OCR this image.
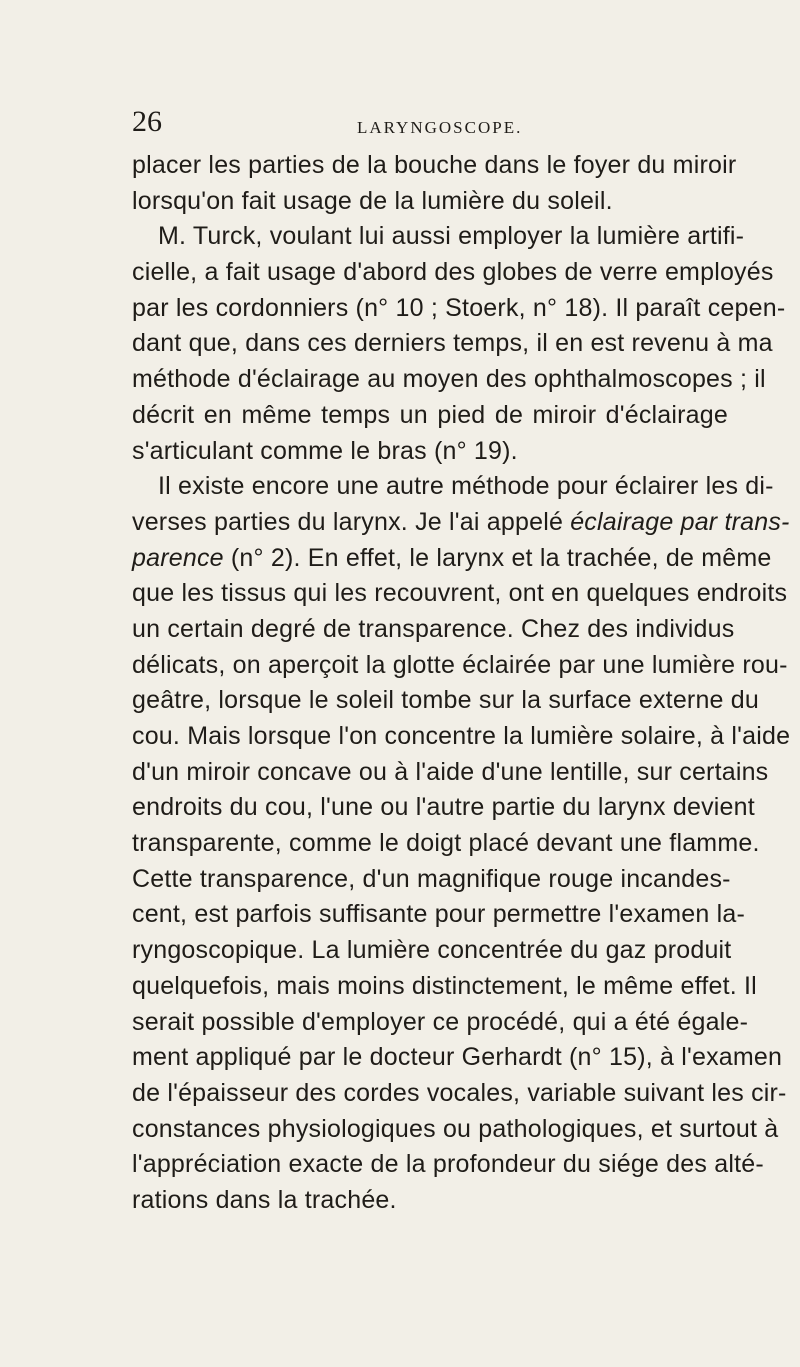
26	LARYNGOSCOPE.
placer les parties de la bouche dans le foyer du miroir
lorsqu'on fait usage de la lumière du soleil.
M. Turck, voulant lui aussi employer la lumière artifi-
cielle, a fait usage d'abord des globes de verre employés
par les cordonniers (n° 10 ; Stoerk, n° 18). Il paraît cepen-
dant que, dans ces derniers temps, il en est revenu à ma
méthode d'éclairage au moyen des ophthalmoscopes ; il
décrit en même temps un pied de miroir d'éclairage
s'articulant comme le bras (n° 19).
Il existe encore une autre méthode pour éclairer les di-
verses parties du larynx. Je l'ai appelé éclairage par trans-
parence (n° 2). En effet, le larynx et la trachée, de même
que les tissus qui les recouvrent, ont en quelques endroits
un certain degré de transparence. Chez des individus
délicats, on aperçoit la glotte éclairée par une lumière rou-
geâtre, lorsque le soleil tombe sur la surface externe du
cou. Mais lorsque l'on concentre la lumière solaire, à l'aide
d'un miroir concave ou à l'aide d'une lentille, sur certains
endroits du cou, l'une ou l'autre partie du larynx devient
transparente, comme le doigt placé devant une flamme.
Cette transparence, d'un magnifique rouge incandes-
cent, est parfois suffisante pour permettre l'examen la-
ryngoscopique. La lumière concentrée du gaz produit
quelquefois, mais moins distinctement, le même effet. Il
serait possible d'employer ce procédé, qui a été égale-
ment appliqué par le docteur Gerhardt (n° 15), à l'examen
de l'épaisseur des cordes vocales, variable suivant les cir-
constances physiologiques ou pathologiques, et surtout à
l'appréciation exacte de la profondeur du siége des alté-
rations dans la trachée.
